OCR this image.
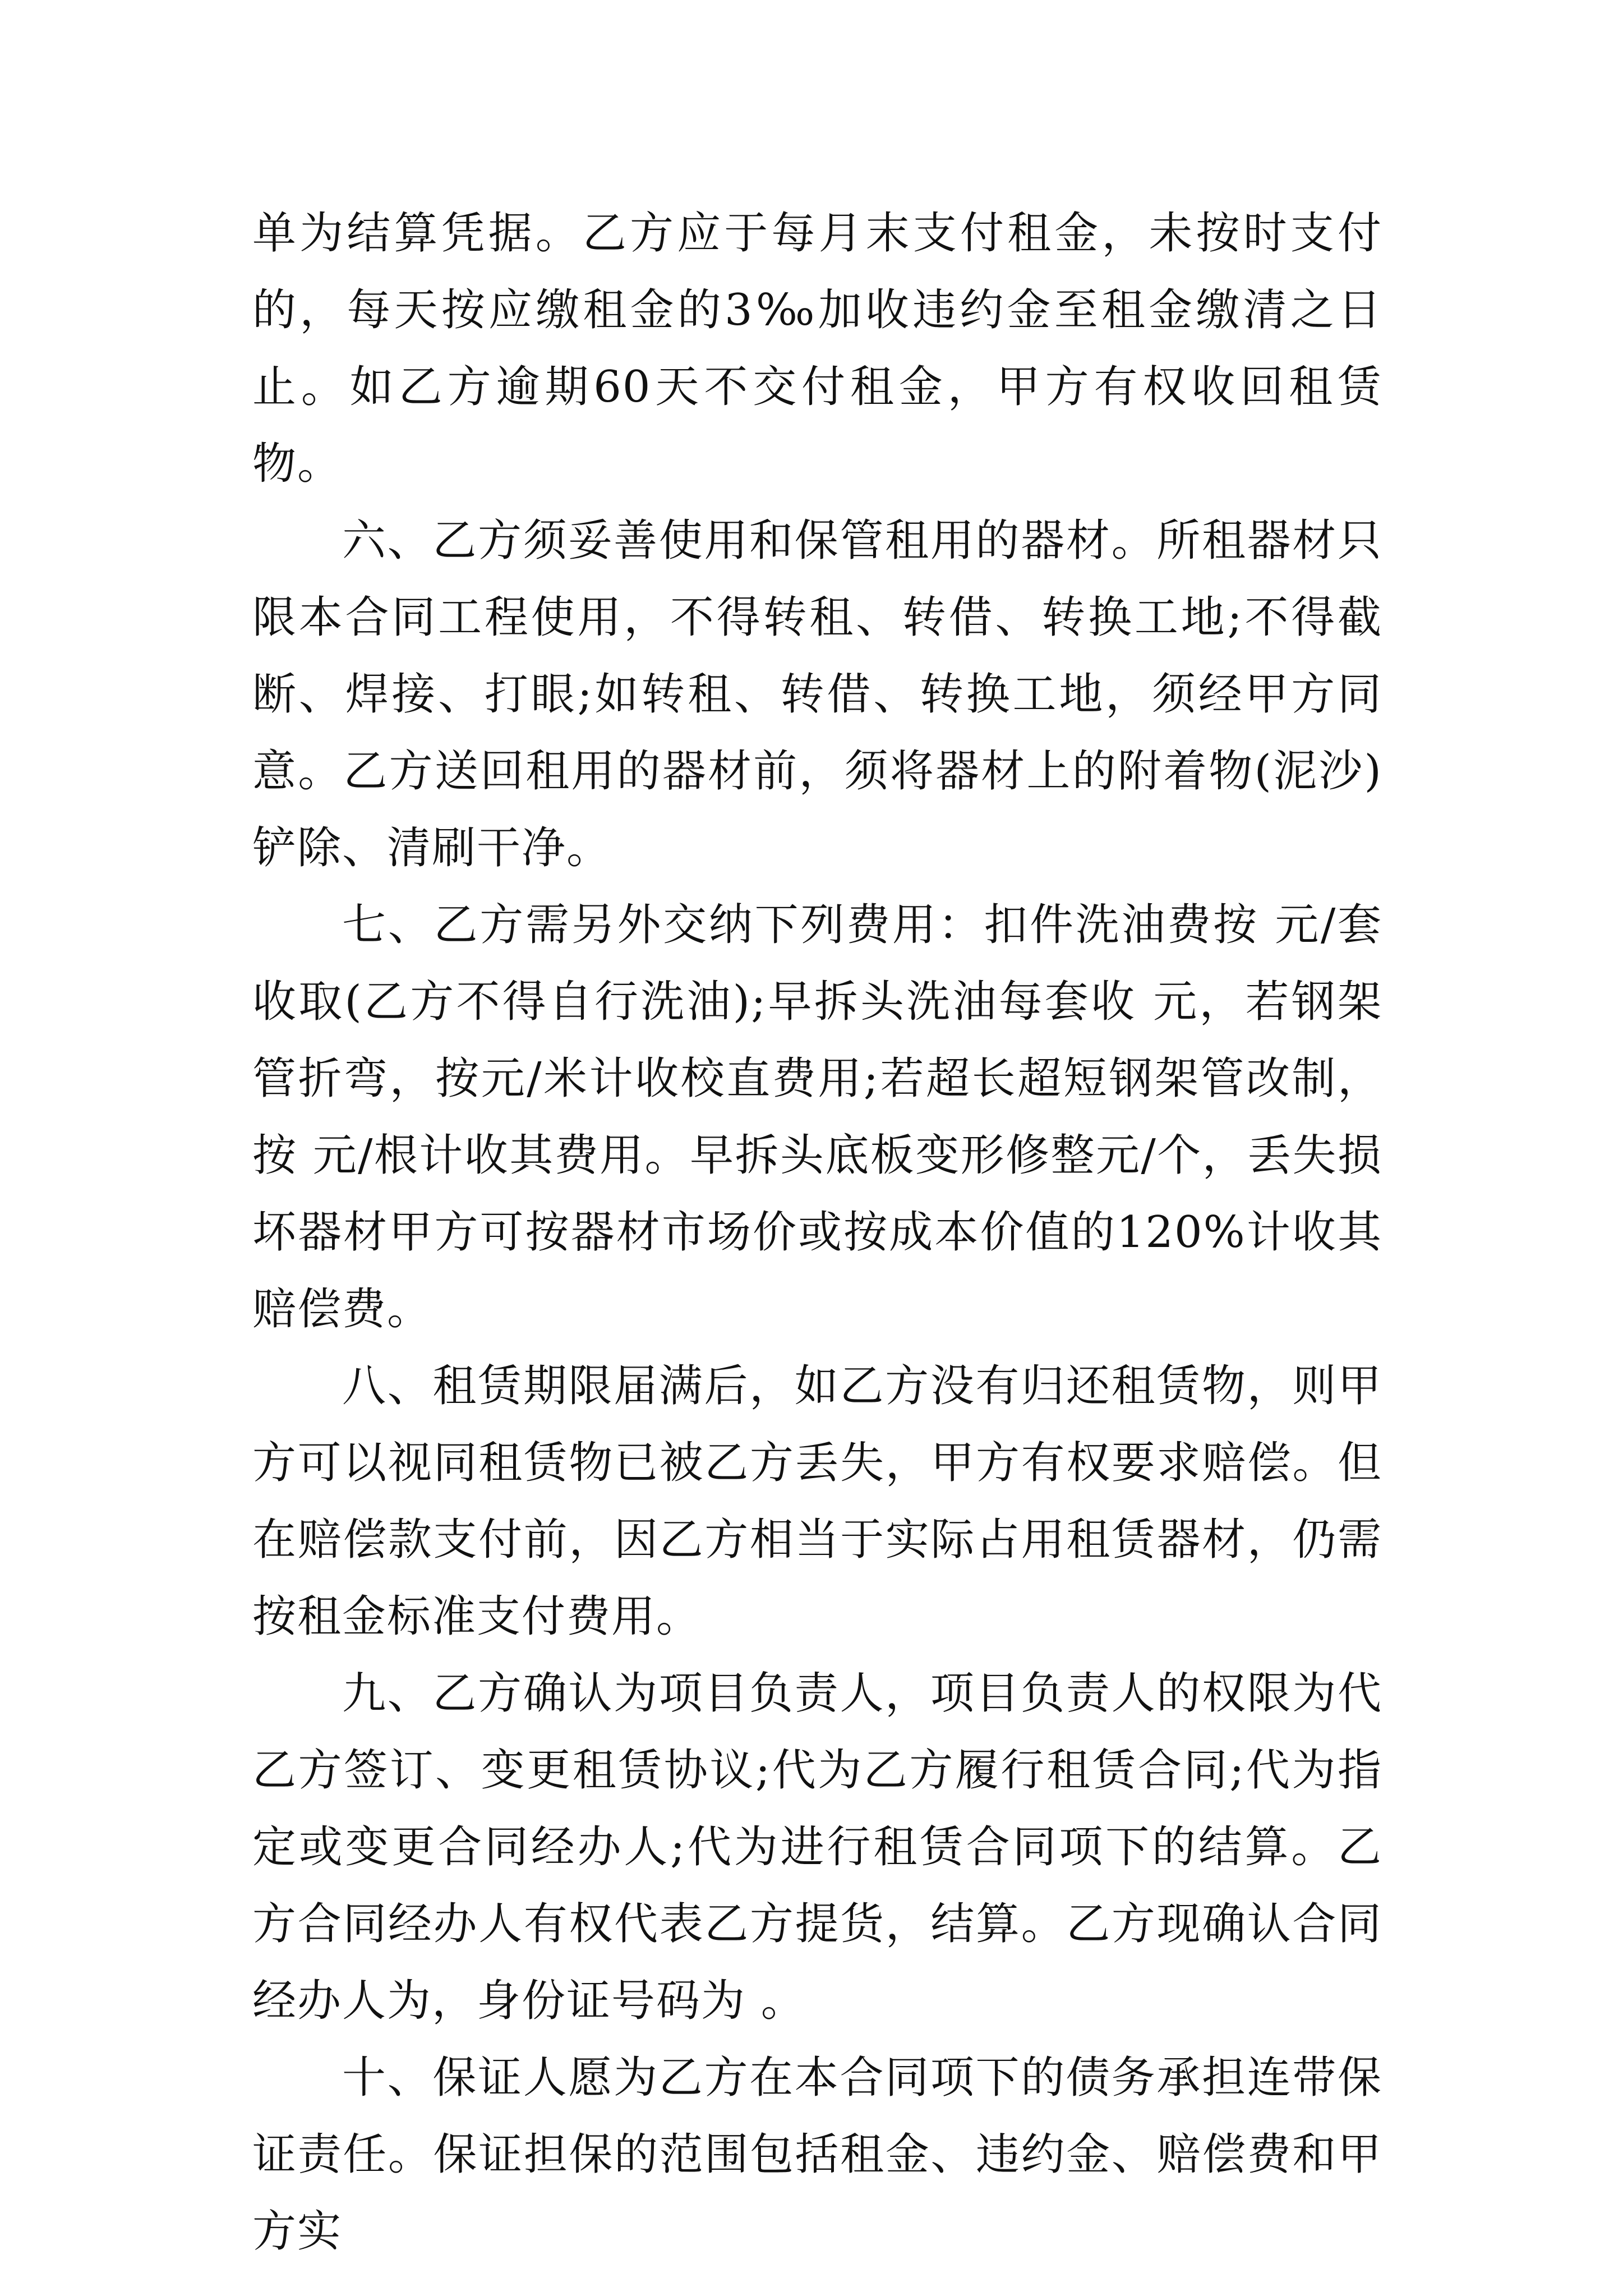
单为结算凭据。乙方应于每月末支付租金，未按时支付的，每天按应缴租金的3‰加收违约金至租金缴清之日止。如乙方逾期60天不交付租金，甲方有权收回租赁物。

六、乙方须妥善使用和保管租用的器材。所租器材只限本合同工程使用，不得转租、转借、转换工地;不得截断、焊接、打眼;如转租、转借、转换工地，须经甲方同意。乙方送回租用的器材前，须将器材上的附着物(泥沙)铲除、清刷干净。

七、乙方需另外交纳下列费用：扣件洗油费按 元/套收取(乙方不得自行洗油);早拆头洗油每套收 元，若钢架管折弯，按元/米计收校直费用;若超长超短钢架管改制，按 元/根计收其费用。早拆头底板变形修整元/个，丢失损坏器材甲方可按器材市场价或按成本价值的120%计收其赔偿费。

八、租赁期限届满后，如乙方没有归还租赁物，则甲方可以视同租赁物已被乙方丢失，甲方有权要求赔偿。但在赔偿款支付前，因乙方相当于实际占用租赁器材，仍需按租金标准支付费用。

九、乙方确认为项目负责人，项目负责人的权限为代乙方签订、变更租赁协议;代为乙方履行租赁合同;代为指定或变更合同经办人;代为进行租赁合同项下的结算。乙方合同经办人有权代表乙方提货，结算。乙方现确认合同经办人为，身份证号码为 。

十、保证人愿为乙方在本合同项下的债务承担连带保证责任。保证担保的范围包括租金、违约金、赔偿费和甲方实
